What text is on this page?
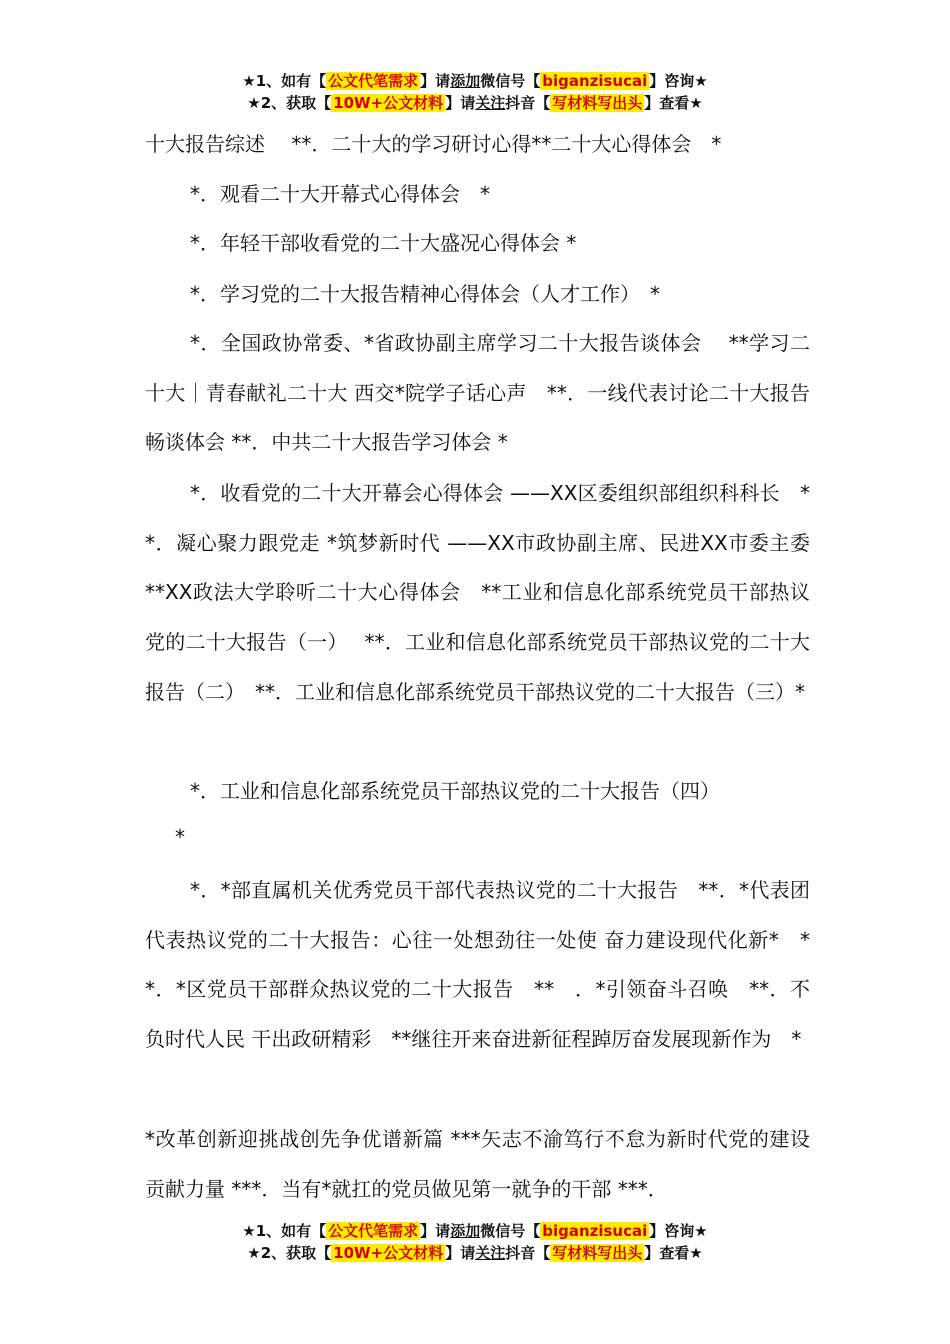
★1、如有【 公文代笔需求 】请添加微信号【 biganzisucai 】咨询★
★2、获取【 10W+公文材料 】请关注抖音【 写材料写出头 】查看★
十大报告综述　 **．二十大的学习研讨心得**二十大心得体会　*
*．观看二十大开幕式心得体会　*
*．年轻干部收看党的二十大盛况心得体会 *
*．学习党的二十大报告精神心得体会（人才工作）　*
*．全国政协常委、*省政协副主席学习二十大报告谈体会　 **学习二十大｜青春献礼二十大 西交*院学子话心声　**．一线代表讨论二十大报告畅谈体会 **．中共二十大报告学习体会 *
*．收看党的二十大开幕会心得体会 ——XX区委组织部组织科科长　**．凝心聚力跟党走 *筑梦新时代 ——XX市政协副主席、民进XX市委主委　**XX政法大学聆听二十大心得体会　**工业和信息化部系统党员干部热议党的二十大报告（一）　 **．工业和信息化部系统党员干部热议党的二十大报告（二）　**．工业和信息化部系统党员干部热议党的二十大报告（三）*
*．工业和信息化部系统党员干部热议党的二十大报告（四）
*
*．*部直属机关优秀党员干部代表热议党的二十大报告　**．*代表团代表热议党的二十大报告：心往一处想劲往一处使 奋力建设现代化新*　**．*区党员干部群众热议党的二十大报告　**　．*引领奋斗召唤　**．不负时代人民 干出政研精彩　**继往开来奋进新征程踔厉奋发展现新作为　*
*改革创新迎挑战创先争优谱新篇 ***矢志不渝笃行不怠为新时代党的建设贡献力量 ***．当有*就扛的党员做见第一就争的干部 ***．
★1、如有【 公文代笔需求 】请添加微信号【 biganzisucai 】咨询★
★2、获取【 10W+公文材料 】请关注抖音【 写材料写出头 】查看★
